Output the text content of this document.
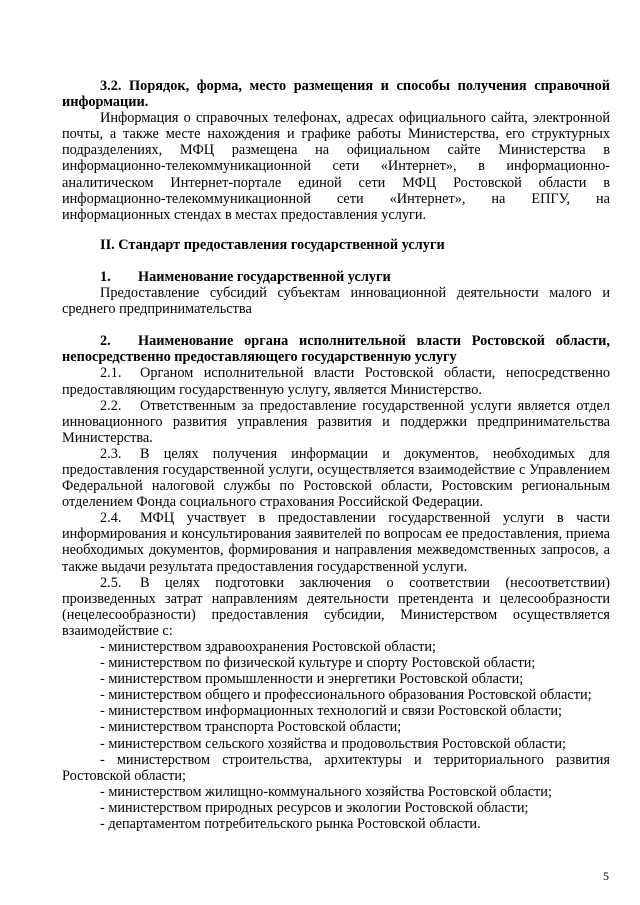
3.2. Порядок, форма, место размещения и способы получения справочной информации.

Информация о справочных телефонах, адресах официального сайта, электронной почты, а также месте нахождения и графике работы Министерства, его структурных подразделениях, МФЦ размещена на официальном сайте Министерства в информационно-телекоммуникационной сети «Интернет», в информационно-аналитическом Интернет-портале единой сети МФЦ Ростовской области в информационно-телекоммуникационной сети «Интернет», на ЕПГУ, на информационных стендах в местах предоставления услуги.

II. Стандарт предоставления государственной услуги

1. Наименование государственной услуги

Предоставление субсидий субъектам инновационной деятельности малого и среднего предпринимательства

2. Наименование органа исполнительной власти Ростовской области, непосредственно предоставляющего государственную услугу

2.1. Органом исполнительной власти Ростовской области, непосредственно предоставляющим государственную услугу, является Министерство.

2.2. Ответственным за предоставление государственной услуги является отдел инновационного развития управления развития и поддержки предпринимательства Министерства.

2.3. В целях получения информации и документов, необходимых для предоставления государственной услуги, осуществляется взаимодействие с Управлением Федеральной налоговой службы по Ростовской области, Ростовским региональным отделением Фонда социального страхования Российской Федерации.

2.4. МФЦ участвует в предоставлении государственной услуги в части информирования и консультирования заявителей по вопросам ее предоставления, приема необходимых документов, формирования и направления межведомственных запросов, а также выдачи результата предоставления государственной услуги.

2.5. В целях подготовки заключения о соответствии (несоответствии) произведенных затрат направлениям деятельности претендента и целесообразности (нецелесообразности) предоставления субсидии, Министерством осуществляется взаимодействие с:

- министерством здравоохранения Ростовской области;

- министерством по физической культуре и спорту Ростовской области;

- министерством промышленности и энергетики Ростовской области;

- министерством общего и профессионального образования Ростовской области;

- министерством информационных технологий и связи Ростовской области;

- министерством транспорта Ростовской области;

- министерством сельского хозяйства и продовольствия Ростовской области;

- министерством строительства, архитектуры и территориального развития Ростовской области;

- министерством жилищно-коммунального хозяйства Ростовской области;

- министерством природных ресурсов и экологии Ростовской области;

- департаментом потребительского рынка Ростовской области.

5
